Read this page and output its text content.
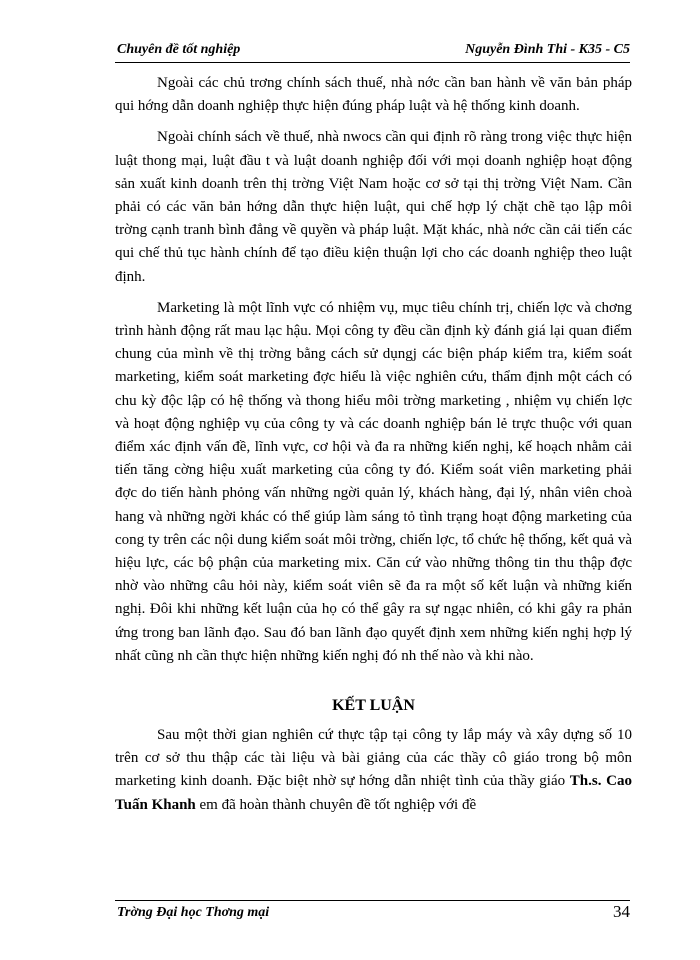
Chuyên đề tốt nghiệp	Nguyễn Đình Thi - K35 - C5

Ngoài các chủ trơng chính sách thuế, nhà nớc cần ban hành về văn bản pháp qui hớng dẫn doanh nghiệp thực hiện đúng pháp luật và hệ thống kinh doanh.

Ngoài chính sách về thuế, nhà nwocs cần qui định rõ ràng trong việc thực hiện luật thong mại, luật đầu t và luật doanh nghiệp đối với mọi doanh nghiệp hoạt động sản xuất kinh doanh trên thị trờng Việt Nam hoặc cơ sở tại thị trờng Việt Nam. Cần phải có các văn bản hớng dẫn thực hiện luật, qui chế hợp lý chặt chẽ tạo lập môi trờng cạnh tranh bình đẳng về quyền và pháp luật. Mặt khác, nhà nớc cần cải tiến các qui chế thủ tục hành chính để tạo điều kiện thuận lợi cho các doanh nghiệp theo luật định.

Marketing là một lĩnh vực có nhiệm vụ, mục tiêu chính trị, chiến lợc và chơng trình hành động rất mau lạc hậu. Mọi công ty đều cần định kỳ đánh giá lại quan điểm chung của mình về thị trờng bằng cách sử dụngj các biện pháp kiểm tra, kiểm soát marketing, kiểm soát marketing đợc hiểu là việc nghiên cứu, thẩm định một cách có chu kỳ độc lập có hệ thống và thong hiểu môi trờng marketing , nhiệm vụ chiến lợc và hoạt động nghiệp vụ của công ty và các doanh nghiệp bán lẻ trực thuộc với quan điểm xác định vấn đề, lĩnh vực, cơ hội và đa ra những kiến nghị, kế hoạch nhằm cải tiến tăng cờng hiệu xuất marketing của công ty đó. Kiểm soát viên marketing phải đợc do tiến hành phỏng vấn những ngời quản lý, khách hàng, đại lý, nhân viên choà hang và những ngời khác có thể giúp làm sáng tỏ tình trạng hoạt động marketing của cong ty trên các nội dung kiểm soát môi trờng, chiến lợc, tổ chức hệ thống, kết quả và hiệu lực, các bộ phận của marketing mix. Căn cứ vào những thông tin thu thập đợc nhờ vào những câu hỏi này, kiểm soát viên sẽ đa ra một số kết luận và những kiến nghị. Đôi khi những kết luận của họ có thể gây ra sự ngạc nhiên, có khi gây ra phản ứng trong ban lãnh đạo. Sau đó ban lãnh đạo quyết định xem những kiến nghị hợp lý nhất cũng nh cần thực hiện những kiến nghị đó nh thế nào và khi nào.

KẾT LUẬN

Sau một thời gian nghiên cứ thực tập tại công ty lắp máy và xây dựng số 10 trên cơ sở thu thập các tài liệu và bài giảng của các thầy cô giáo trong bộ môn marketing kinh doanh. Đặc biệt nhờ sự hớng dẫn nhiệt tình của thầy giáo Th.s. Cao Tuấn Khanh em đã hoàn thành chuyên đề tốt nghiệp với đề

Trờng Đại học Thơng mại	34
